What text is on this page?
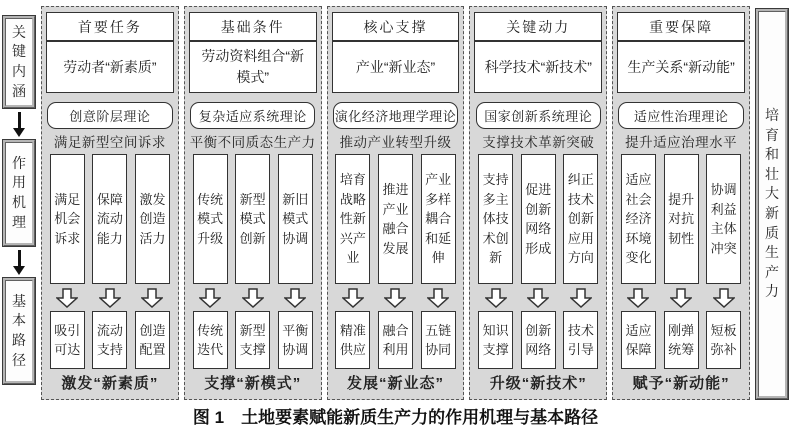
关键内涵
作用机理
基本路径
首要任务
劳动者“新素质”
创意阶层理论
满足新型空间诉求
满足机会诉求
保障流动能力
激发创造活力
吸引可达
流动支持
创造配置
激发“新素质”
基础条件
劳动资料组合“新模式”
复杂适应系统理论
平衡不同质态生产力
传统模式升级
新型模式创新
新旧模式协调
传统迭代
新型支撑
平衡协调
支撑“新模式”
核心支撑
产业“新业态”
演化经济地理学理论
推动产业转型升级
培育战略性新兴产业
推进产业融合发展
产业多样耦合和延伸
精准供应
融合利用
五链协同
发展“新业态”
关键动力
科学技术“新技术”
国家创新系统理论
支撑技术革新突破
支持多主体技术创新
促进创新网络形成
纠正技术创新应用方向
知识支撑
创新网络
技术引导
升级“新技术”
重要保障
生产关系“新动能”
适应性治理理论
提升适应治理水平
适应社会经济环境变化
提升对抗韧性
协调利益主体冲突
适应保障
刚弹统筹
短板弥补
赋予“新动能”
培育和壮大新质生产力
图 1　土地要素赋能新质生产力的作用机理与基本路径
